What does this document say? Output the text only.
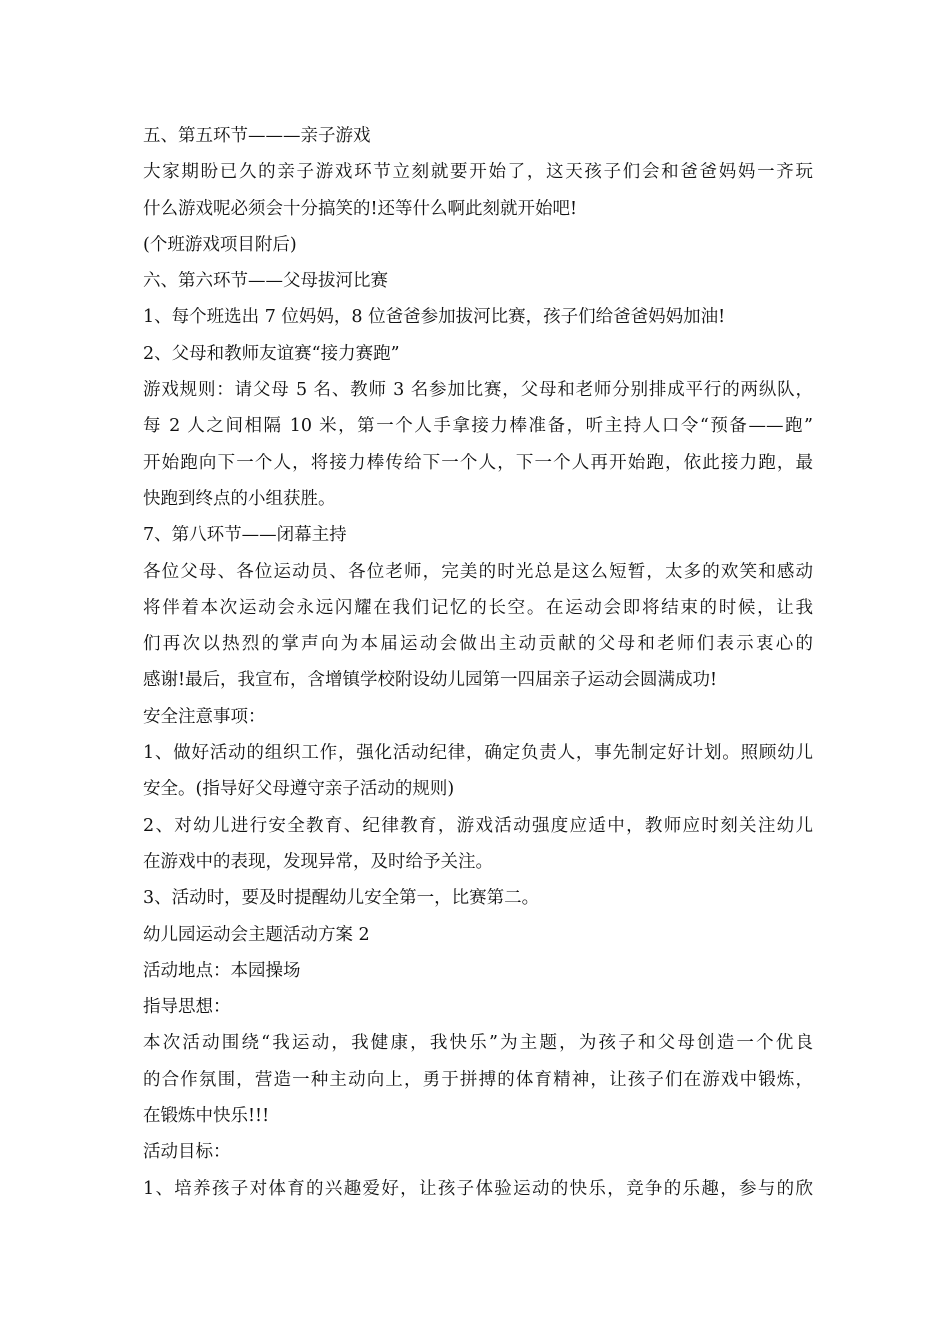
五、第五环节———亲子游戏
大家期盼已久的亲子游戏环节立刻就要开始了，这天孩子们会和爸爸妈妈一齐玩
什么游戏呢必须会十分搞笑的!还等什么啊此刻就开始吧!
(个班游戏项目附后)
六、第六环节——父母拔河比赛
1、每个班选出 7 位妈妈，8 位爸爸参加拔河比赛，孩子们给爸爸妈妈加油!
2、父母和教师友谊赛“接力赛跑”
游戏规则：请父母 5 名、教师 3 名参加比赛，父母和老师分别排成平行的两纵队，
每 2 人之间相隔 10 米，第一个人手拿接力棒准备，听主持人口令“预备——跑”
开始跑向下一个人，将接力棒传给下一个人，下一个人再开始跑，依此接力跑，最
快跑到终点的小组获胜。
7、第八环节——闭幕主持
各位父母、各位运动员、各位老师，完美的时光总是这么短暂，太多的欢笑和感动
将伴着本次运动会永远闪耀在我们记忆的长空。在运动会即将结束的时候，让我
们再次以热烈的掌声向为本届运动会做出主动贡献的父母和老师们表示衷心的
感谢!最后，我宣布，含增镇学校附设幼儿园第一四届亲子运动会圆满成功!
安全注意事项：
1、做好活动的组织工作，强化活动纪律，确定负责人，事先制定好计划。照顾幼儿
安全。(指导好父母遵守亲子活动的规则)
2、对幼儿进行安全教育、纪律教育，游戏活动强度应适中，教师应时刻关注幼儿
在游戏中的表现，发现异常，及时给予关注。
3、活动时，要及时提醒幼儿安全第一，比赛第二。
幼儿园运动会主题活动方案 2
活动地点：本园操场
指导思想：
本次活动围绕“我运动，我健康，我快乐”为主题，为孩子和父母创造一个优良
的合作氛围，营造一种主动向上，勇于拼搏的体育精神，让孩子们在游戏中锻炼，
在锻炼中快乐!!!
活动目标：
1、培养孩子对体育的兴趣爱好，让孩子体验运动的快乐，竞争的乐趣，参与的欣
